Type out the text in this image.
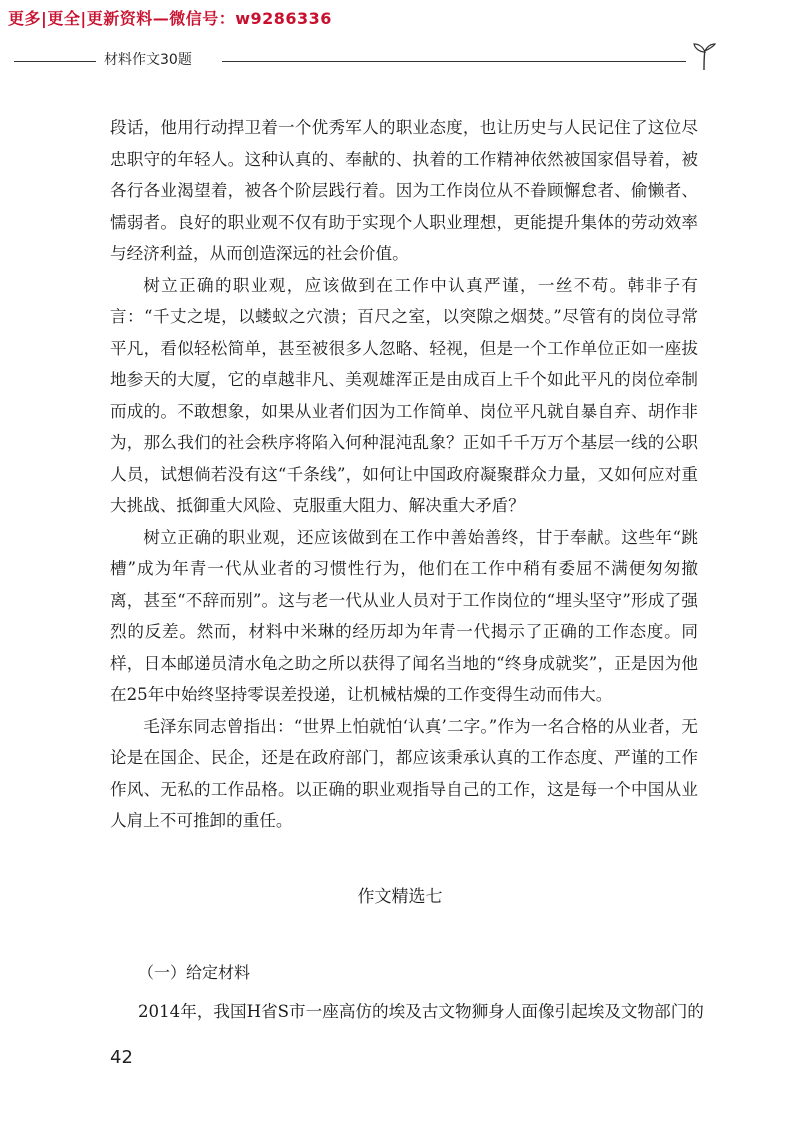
更多|更全|更新资料—微信号：w9286336
材料作文30题

段话，他用行动捍卫着一个优秀军人的职业态度，也让历史与人民记住了这位尽忠职守的年轻人。这种认真的、奉献的、执着的工作精神依然被国家倡导着，被各行各业渴望着，被各个阶层践行着。因为工作岗位从不眷顾懈怠者、偷懒者、懦弱者。良好的职业观不仅有助于实现个人职业理想，更能提升集体的劳动效率与经济利益，从而创造深远的社会价值。

树立正确的职业观，应该做到在工作中认真严谨，一丝不苟。韩非子有言：“千丈之堤，以蝼蚁之穴溃；百尺之室，以突隙之烟焚。”尽管有的岗位寻常平凡，看似轻松简单，甚至被很多人忽略、轻视，但是一个工作单位正如一座拔地参天的大厦，它的卓越非凡、美观雄浑正是由成百上千个如此平凡的岗位牵制而成的。不敢想象，如果从业者们因为工作简单、岗位平凡就自暴自弃、胡作非为，那么我们的社会秩序将陷入何种混沌乱象？正如千千万万个基层一线的公职人员，试想倘若没有这“千条线”，如何让中国政府凝聚群众力量，又如何应对重大挑战、抵御重大风险、克服重大阻力、解决重大矛盾？

树立正确的职业观，还应该做到在工作中善始善终，甘于奉献。这些年“跳槽”成为年青一代从业者的习惯性行为，他们在工作中稍有委屈不满便匆匆撤离，甚至“不辞而别”。这与老一代从业人员对于工作岗位的“埋头坚守”形成了强烈的反差。然而，材料中米琳的经历却为年青一代揭示了正确的工作态度。同样，日本邮递员清水龟之助之所以获得了闻名当地的“终身成就奖”，正是因为他在25年中始终坚持零误差投递，让机械枯燥的工作变得生动而伟大。

毛泽东同志曾指出：“世界上怕就怕‘认真’二字。”作为一名合格的从业者，无论是在国企、民企，还是在政府部门，都应该秉承认真的工作态度、严谨的工作作风、无私的工作品格。以正确的职业观指导自己的工作，这是每一个中国从业人肩上不可推卸的重任。

作文精选七
（一）给定材料
2014年，我国H省S市一座高仿的埃及古文物狮身人面像引起埃及文物部门的
42
